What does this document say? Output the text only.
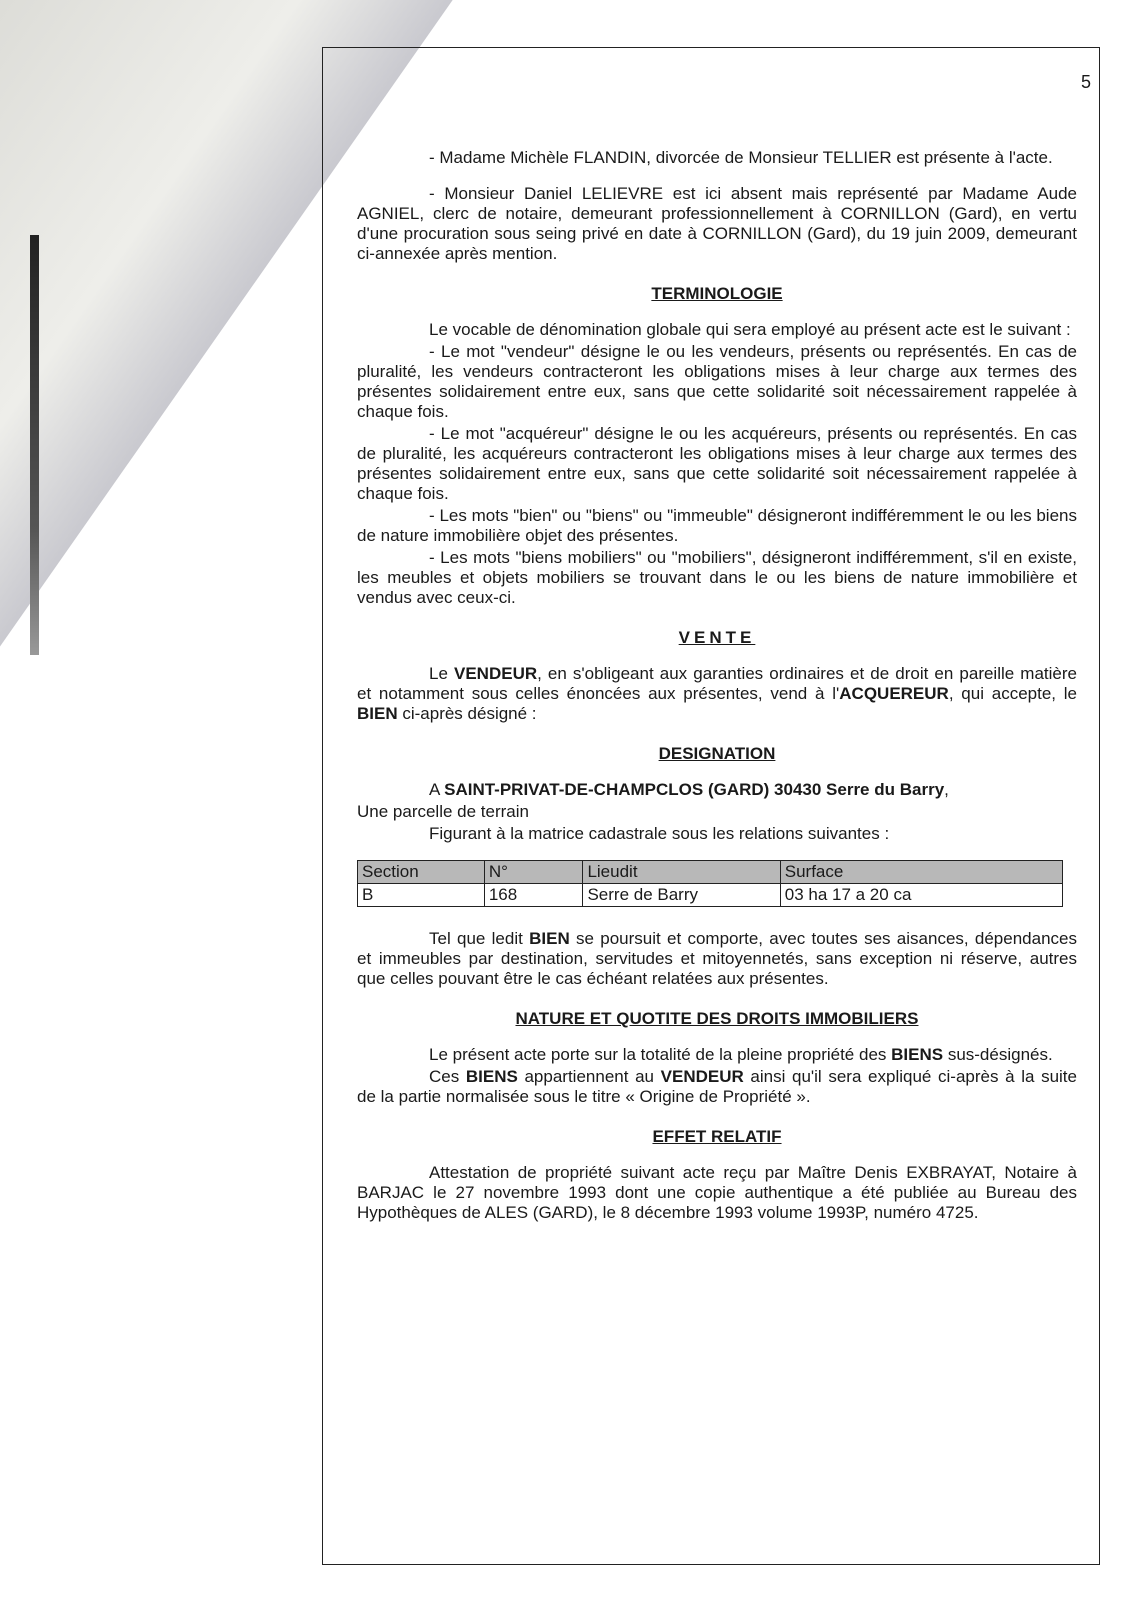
5

- Madame Michèle FLANDIN, divorcée de Monsieur TELLIER est présente à l'acte.

- Monsieur Daniel LELIEVRE est ici absent mais représenté par Madame Aude AGNIEL, clerc de notaire, demeurant professionnellement à CORNILLON (Gard), en vertu d'une procuration sous seing privé en date à CORNILLON (Gard), du 19 juin 2009, demeurant ci-annexée après mention.

TERMINOLOGIE

Le vocable de dénomination globale qui sera employé au présent acte est le suivant :

- Le mot "vendeur" désigne le ou les vendeurs, présents ou représentés. En cas de pluralité, les vendeurs contracteront les obligations mises à leur charge aux termes des présentes solidairement entre eux, sans que cette solidarité soit nécessairement rappelée à chaque fois.

- Le mot "acquéreur" désigne le ou les acquéreurs, présents ou représentés. En cas de pluralité, les acquéreurs contracteront les obligations mises à leur charge aux termes des présentes solidairement entre eux, sans que cette solidarité soit nécessairement rappelée à chaque fois.

- Les mots "bien" ou "biens" ou "immeuble" désigneront indifféremment le ou les biens de nature immobilière objet des présentes.

- Les mots "biens mobiliers" ou "mobiliers", désigneront indifféremment, s'il en existe, les meubles et objets mobiliers se trouvant dans le ou les biens de nature immobilière et vendus avec ceux-ci.

VENTE

Le VENDEUR, en s'obligeant aux garanties ordinaires et de droit en pareille matière et notamment sous celles énoncées aux présentes, vend à l'ACQUEREUR, qui accepte, le BIEN ci-après désigné :

DESIGNATION

A SAINT-PRIVAT-DE-CHAMPCLOS (GARD) 30430 Serre du Barry,

Une parcelle de terrain

Figurant à la matrice cadastrale sous les relations suivantes :

Section	N°	Lieudit	Surface
B	168	Serre de Barry	03 ha 17 a 20 ca

Tel que ledit BIEN se poursuit et comporte, avec toutes ses aisances, dépendances et immeubles par destination, servitudes et mitoyennetés, sans exception ni réserve, autres que celles pouvant être le cas échéant relatées aux présentes.

NATURE ET QUOTITE DES DROITS IMMOBILIERS

Le présent acte porte sur la totalité de la pleine propriété des BIENS sus-désignés.

Ces BIENS appartiennent au VENDEUR ainsi qu'il sera expliqué ci-après à la suite de la partie normalisée sous le titre « Origine de Propriété ».

EFFET RELATIF

Attestation de propriété suivant acte reçu par Maître Denis EXBRAYAT, Notaire à BARJAC le 27 novembre 1993 dont une copie authentique a été publiée au Bureau des Hypothèques de ALES (GARD), le 8 décembre 1993 volume 1993P, numéro 4725.
